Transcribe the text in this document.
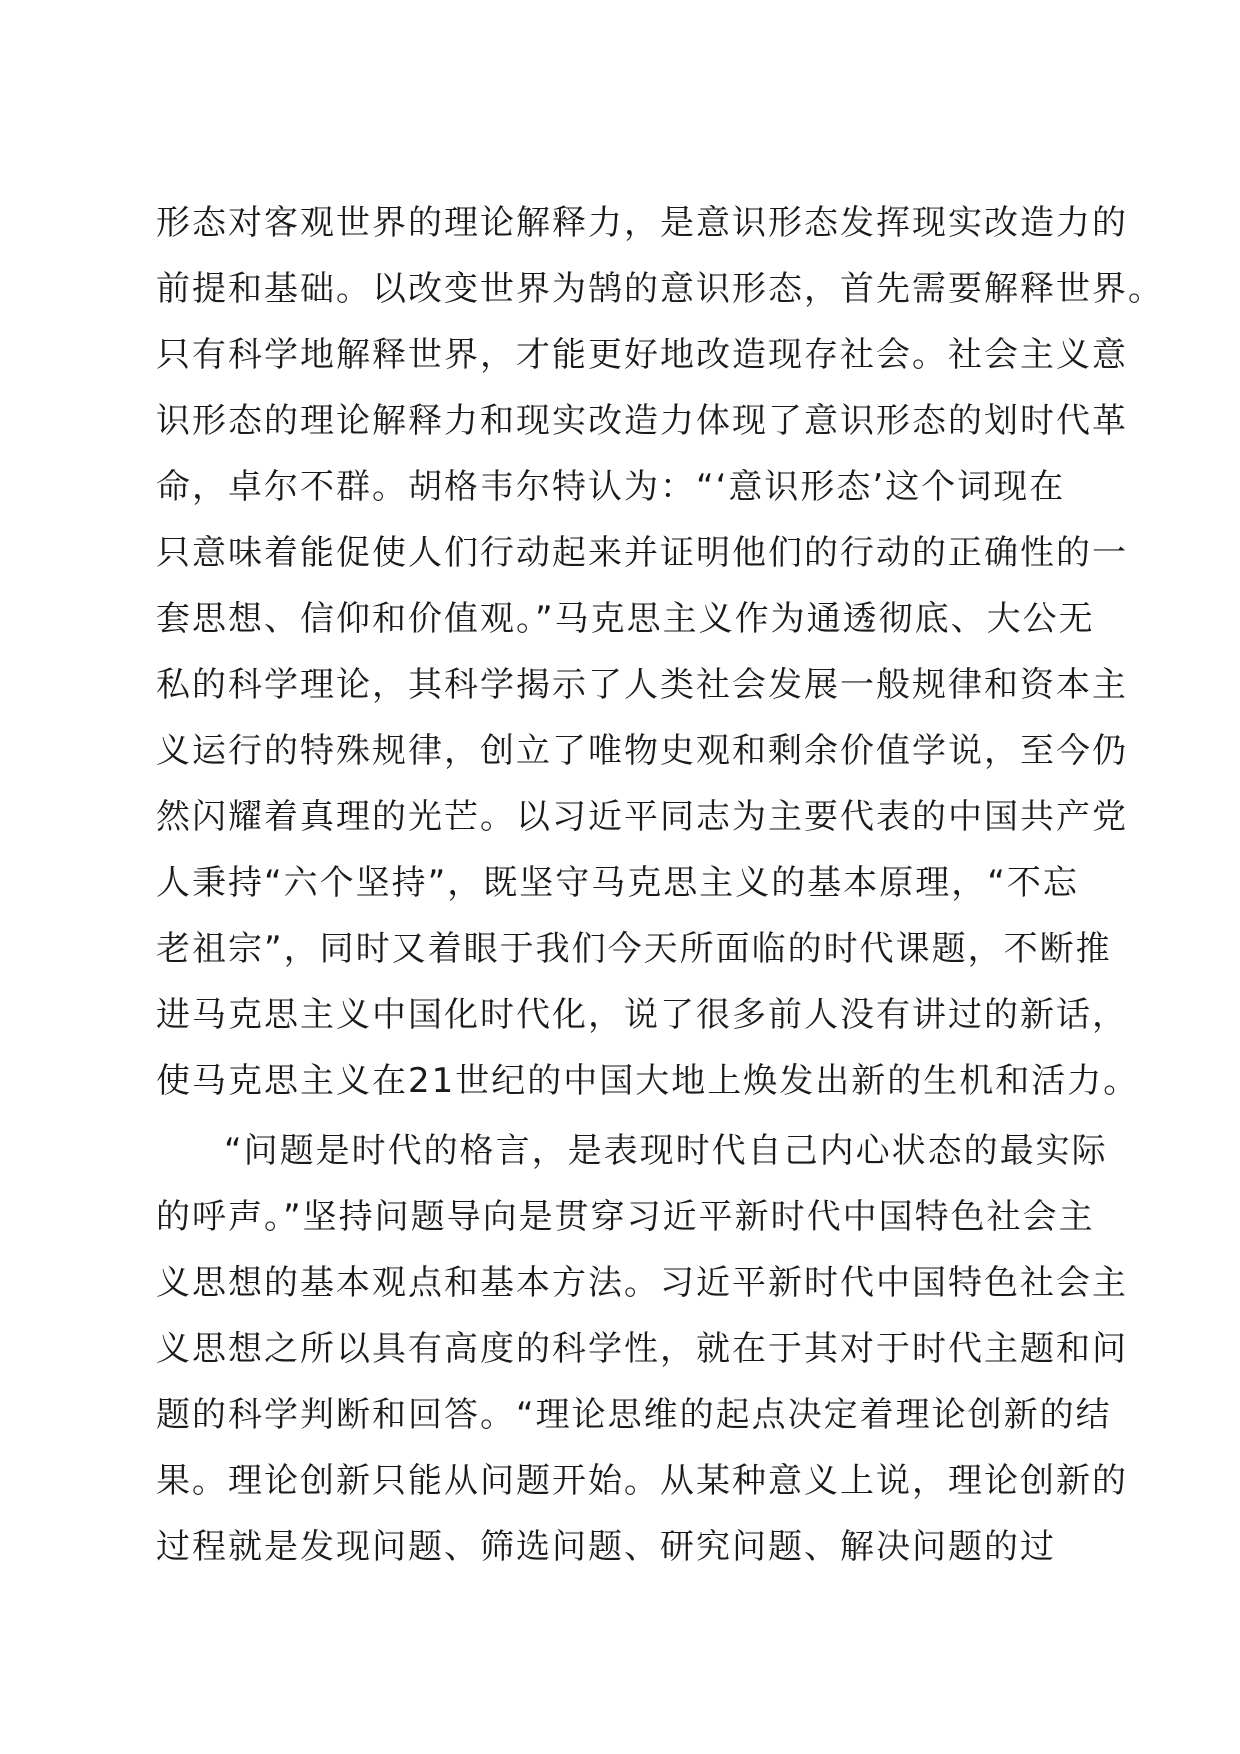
形态对客观世界的理论解释力，是意识形态发挥现实改造力的
前提和基础。以改变世界为鹄的意识形态，首先需要解释世界。
只有科学地解释世界，才能更好地改造现存社会。社会主义意
识形态的理论解释力和现实改造力体现了意识形态的划时代革
命，卓尔不群。胡格韦尔特认为：“‘意识形态’这个词现在
只意味着能促使人们行动起来并证明他们的行动的正确性的一
套思想、信仰和价值观。”马克思主义作为通透彻底、大公无
私的科学理论，其科学揭示了人类社会发展一般规律和资本主
义运行的特殊规律，创立了唯物史观和剩余价值学说，至今仍
然闪耀着真理的光芒。以习近平同志为主要代表的中国共产党
人秉持“六个坚持”，既坚守马克思主义的基本原理，“不忘
老祖宗”，同时又着眼于我们今天所面临的时代课题，不断推
进马克思主义中国化时代化，说了很多前人没有讲过的新话，
使马克思主义在21世纪的中国大地上焕发出新的生机和活力。
“问题是时代的格言，是表现时代自己内心状态的最实际
的呼声。”坚持问题导向是贯穿习近平新时代中国特色社会主
义思想的基本观点和基本方法。习近平新时代中国特色社会主
义思想之所以具有高度的科学性，就在于其对于时代主题和问
题的科学判断和回答。“理论思维的起点决定着理论创新的结
果。理论创新只能从问题开始。从某种意义上说，理论创新的
过程就是发现问题、筛选问题、研究问题、解决问题的过
